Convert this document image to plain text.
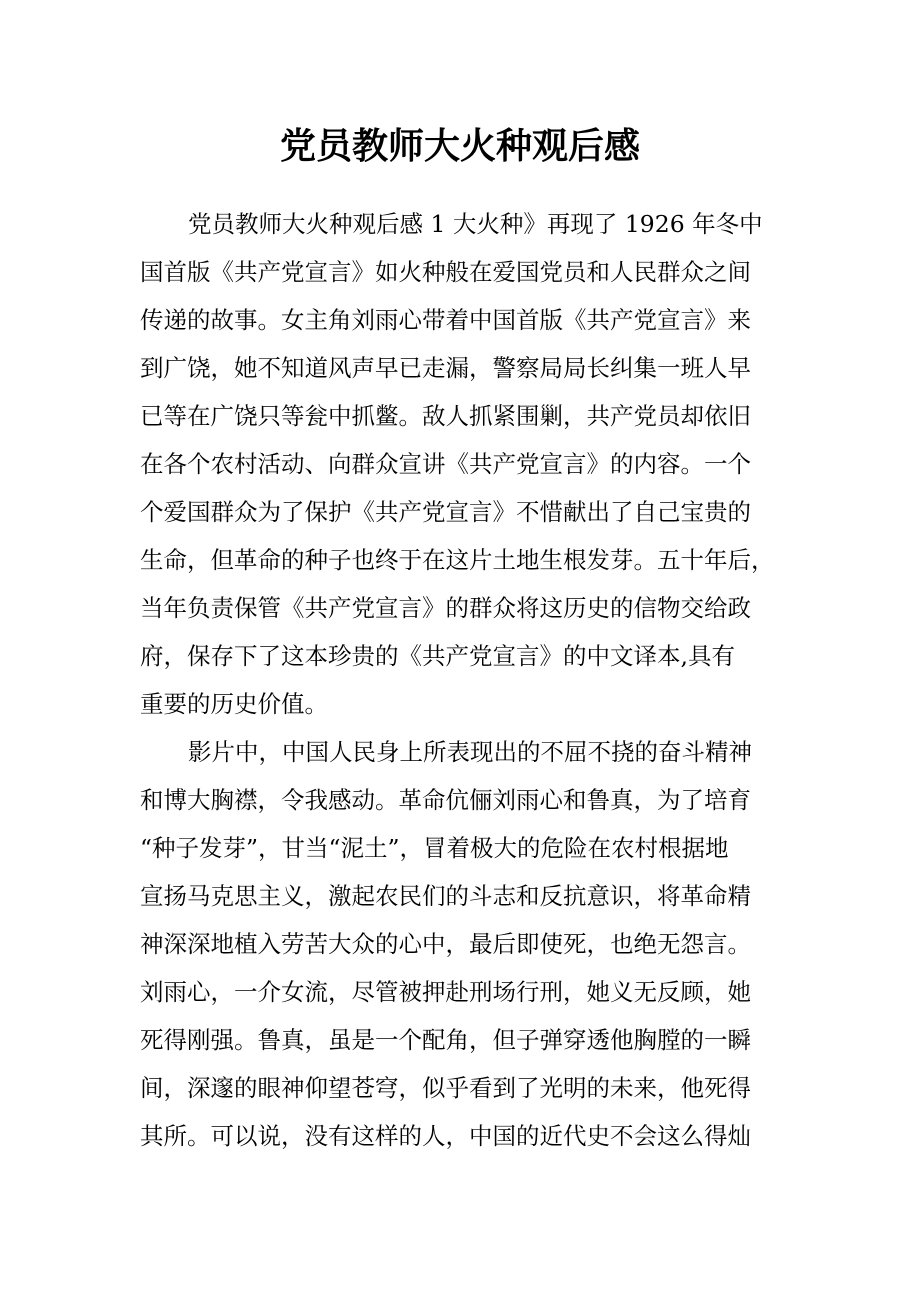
党员教师大火种观后感

党员教师大火种观后感 1 大火种》再现了 1926 年冬中

国首版《共产党宣言》如火种般在爱国党员和人民群众之间

传递的故事。女主角刘雨心带着中国首版《共产党宣言》来

到广饶，她不知道风声早已走漏，警察局局长纠集一班人早

已等在广饶只等瓮中抓鳖。敌人抓紧围剿，共产党员却依旧

在各个农村活动、向群众宣讲《共产党宣言》的内容。一个

个爱国群众为了保护《共产党宣言》不惜献出了自己宝贵的

生命，但革命的种子也终于在这片土地生根发芽。五十年后，

当年负责保管《共产党宣言》的群众将这历史的信物交给政

府，保存下了这本珍贵的《共产党宣言》的中文译本,具有

重要的历史价值。

影片中，中国人民身上所表现出的不屈不挠的奋斗精神

和博大胸襟，令我感动。革命伉俪刘雨心和鲁真，为了培育

“种子发芽”，甘当“泥土”，冒着极大的危险在农村根据地

宣扬马克思主义，激起农民们的斗志和反抗意识，将革命精

神深深地植入劳苦大众的心中，最后即使死，也绝无怨言。

刘雨心，一介女流，尽管被押赴刑场行刑，她义无反顾，她

死得刚强。鲁真，虽是一个配角，但子弹穿透他胸膛的一瞬

间，深邃的眼神仰望苍穹，似乎看到了光明的未来，他死得

其所。可以说，没有这样的人，中国的近代史不会这么得灿
